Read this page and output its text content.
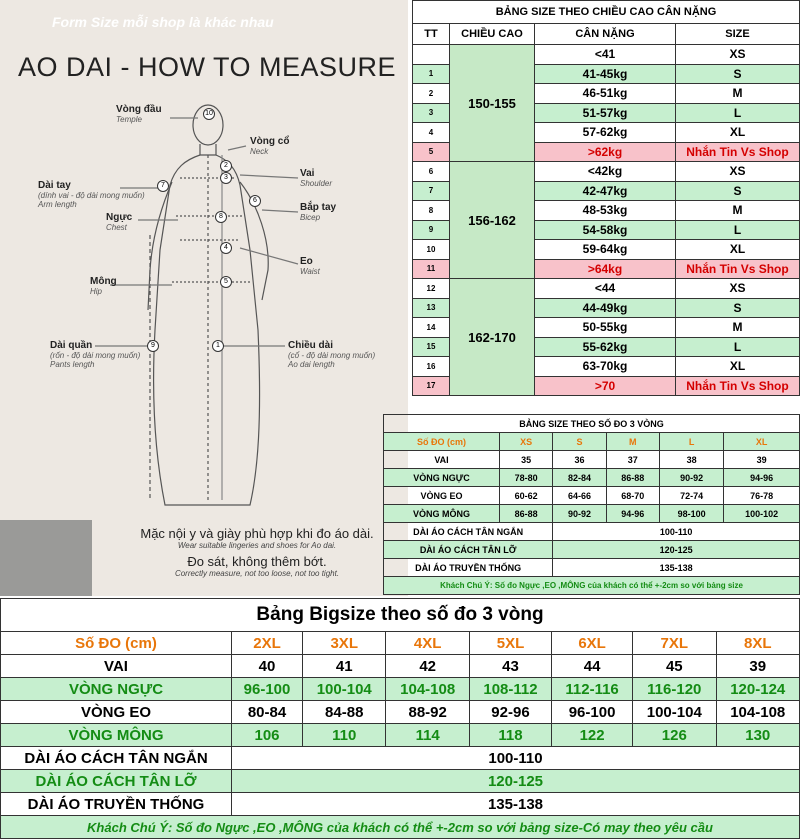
Form Size mỗi shop là khác nhau
AO DAI - HOW TO MEASURE
10
2
3
6
7
8
4
5
9	1
Vòng đầu
Temple
Vòng cổ
Neck
Vai
Shoulder
Bắp tay
Bicep
Eo
Waist
Dài tay
(dính vai - độ dài mong muốn)
Arm length
Ngực
Chest
Mông
Hip
Dài quần
(rốn - độ dài mong muốn)
Pants length
Chiều dài
(cổ - độ dài mong muốn)
Ao dai length
Mặc nội y và giày phù hợp khi đo áo dài.
Wear suitable lingeries and shoes for Ao dai.
Đo sát, không thêm bớt.
Correctly measure, not too loose, not too tight.
BẢNG SIZE THEO CHIỀU CAO CÂN NẶNG			
TT	CHIỀU CAO	CÂN NẶNG	SIZE
	150-155	<41	XS
1		41-45kg	S
2		46-51kg	M
3		51-57kg	L
4		57-62kg	XL
5		>62kg	Nhắn Tin Vs Shop
6	156-162	<42kg	XS
7		42-47kg	S
8		48-53kg	M
9		54-58kg	L
10		59-64kg	XL
11		>64kg	Nhắn Tin Vs Shop
12	162-170	<44	XS
13		44-49kg	S
14		50-55kg	M
15		55-62kg	L
16		63-70kg	XL
17		>70	Nhắn Tin Vs Shop
BẢNG SIZE THEO SỐ ĐO 3 VÒNG					
Số ĐO (cm)	XS	S	M	L	XL
VAI	35	36	37	38	39
VÒNG NGỰC	78-80	82-84	86-88	90-92	94-96
VÒNG EO	60-62	64-66	68-70	72-74	76-78
VÒNG MÔNG	86-88	90-92	94-96	98-100	100-102
DÀI ÁO CÁCH TÂN NGẮN		100-110			
DÀI ÁO CÁCH TÂN LỠ		120-125			
DÀI ÁO TRUYỀN THỐNG		135-138			
Khách Chú Ý: Số đo Ngực ,EO ,MÔNG của khách có thể +-2cm so với bảng size					
Bảng Bigsize theo số đo 3 vòng							
Số ĐO (cm)	2XL	3XL	4XL	5XL	6XL	7XL	8XL
VAI	40	41	42	43	44	45	39
VÒNG NGỰC	96-100	100-104	104-108	108-112	112-116	116-120	120-124
VÒNG EO	80-84	84-88	88-92	92-96	96-100	100-104	104-108
VÒNG MÔNG	106	110	114	118	122	126	130
DÀI ÁO CÁCH TÂN NGẮN	100-110						
DÀI ÁO CÁCH TÂN LỠ	120-125						
DÀI ÁO TRUYỀN THỐNG	135-138						
Khách Chú Ý: Số đo Ngực ,EO ,MÔNG của khách có thể +-2cm so với bảng size-Có may theo yêu cầu							
